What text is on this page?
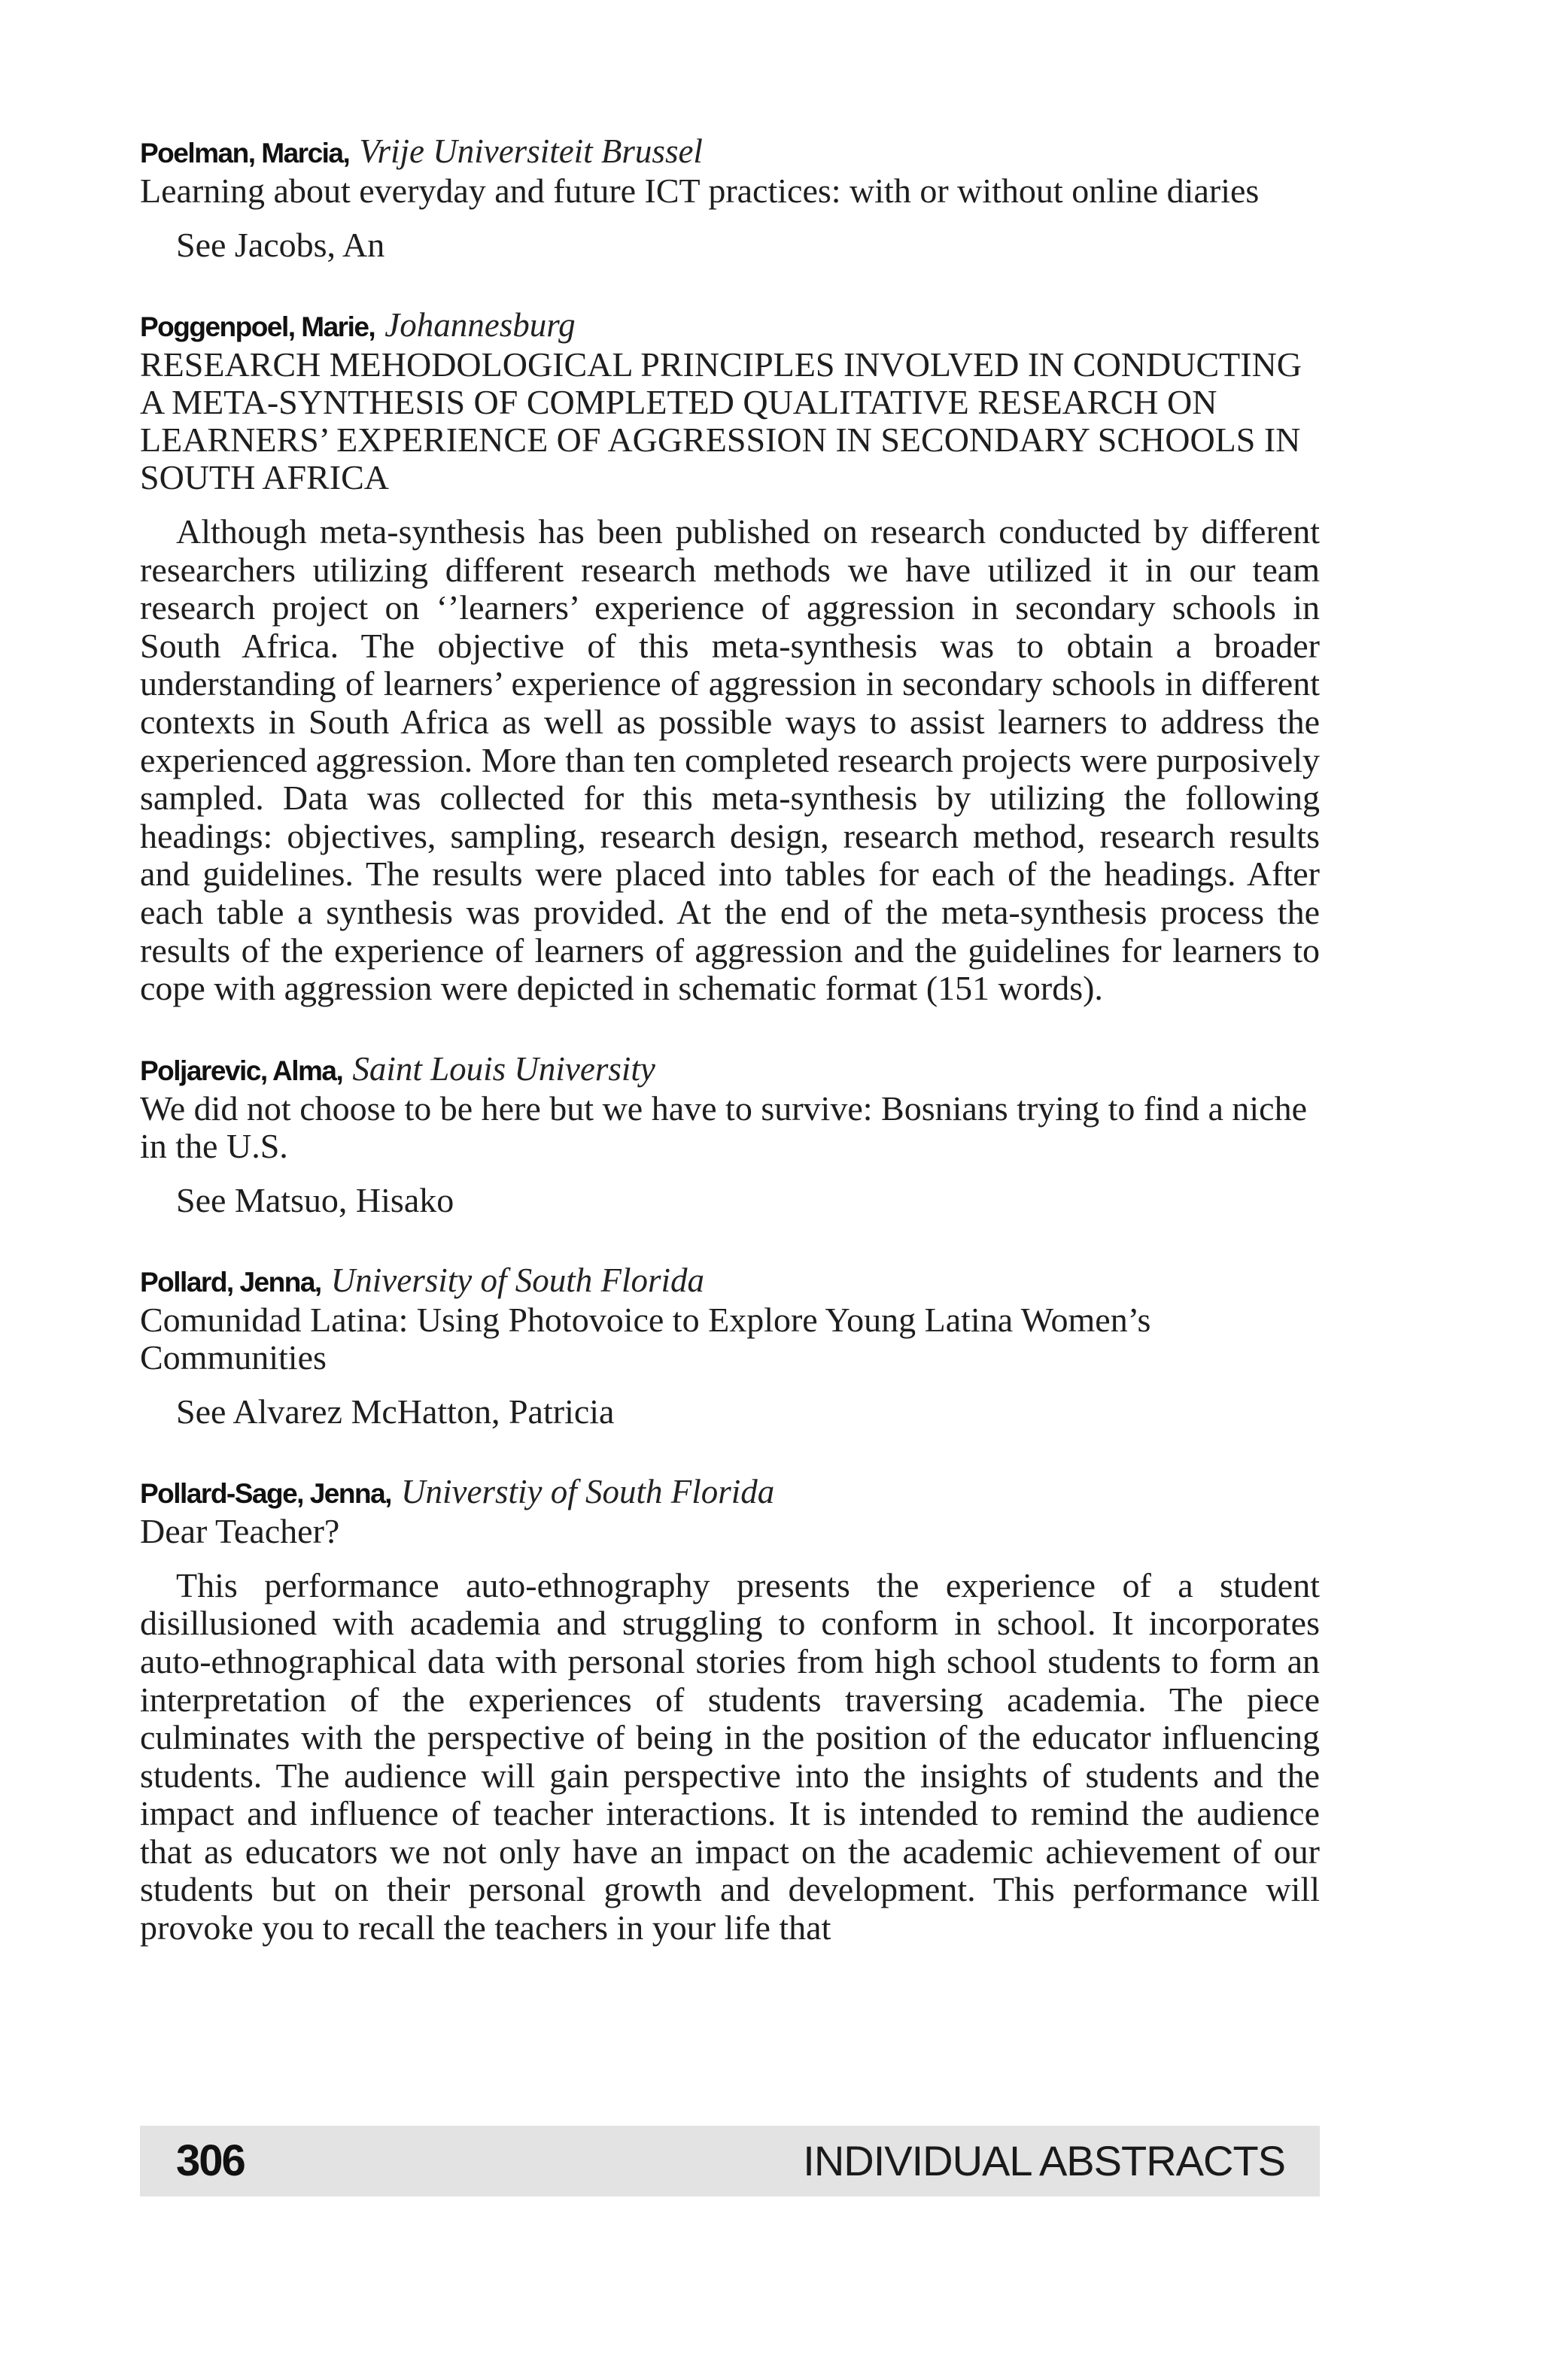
Poelman, Marcia, Vrije Universiteit Brussel

Learning about everyday and future ICT practices: with or without online diaries

See Jacobs, An

Poggenpoel, Marie, Johannesburg

RESEARCH MEHODOLOGICAL PRINCIPLES INVOLVED IN CONDUCTING A META-SYNTHESIS OF COMPLETED QUALITATIVE RESEARCH ON LEARNERS’ EXPERIENCE OF AGGRESSION IN SECONDARY SCHOOLS IN SOUTH AFRICA

Although meta-synthesis has been published on research conducted by different researchers utilizing different research methods we have utilized it in our team research project on ‘’learners’ experience of aggression in secondary schools in South Africa. The objective of this meta-synthesis was to obtain a broader understanding of learners’ experience of aggression in secondary schools in different contexts in South Africa as well as possible ways to assist learners to address the experienced aggression. More than ten completed research projects were purposively sampled. Data was collected for this meta-synthesis by utilizing the following headings: objectives, sampling, research design, research method, research results and guidelines. The results were placed into tables for each of the headings. After each table a synthesis was provided. At the end of the meta-synthesis process the results of the experience of learners of aggression and the guidelines for learners to cope with aggression were depicted in schematic format (151 words).

Poljarevic, Alma, Saint Louis University

We did not choose to be here but we have to survive: Bosnians trying to find a niche in the U.S.

See Matsuo, Hisako

Pollard, Jenna, University of South Florida

Comunidad Latina: Using Photovoice to Explore Young Latina Women’s Communities

See Alvarez McHatton, Patricia

Pollard-Sage, Jenna, Universtiy of South Florida

Dear Teacher?

This performance auto-ethnography presents the experience of a student disillusioned with academia and struggling to conform in school. It incorporates auto-ethnographical data with personal stories from high school students to form an interpretation of the experiences of students traversing academia. The piece culminates with the perspective of being in the position of the educator influencing students. The audience will gain perspective into the insights of students and the impact and influence of teacher interactions. It is intended to remind the audience that as educators we not only have an impact on the academic achievement of our students but on their personal growth and development. This performance will provoke you to recall the teachers in your life that

306	INDIVIDUAL ABSTRACTS
